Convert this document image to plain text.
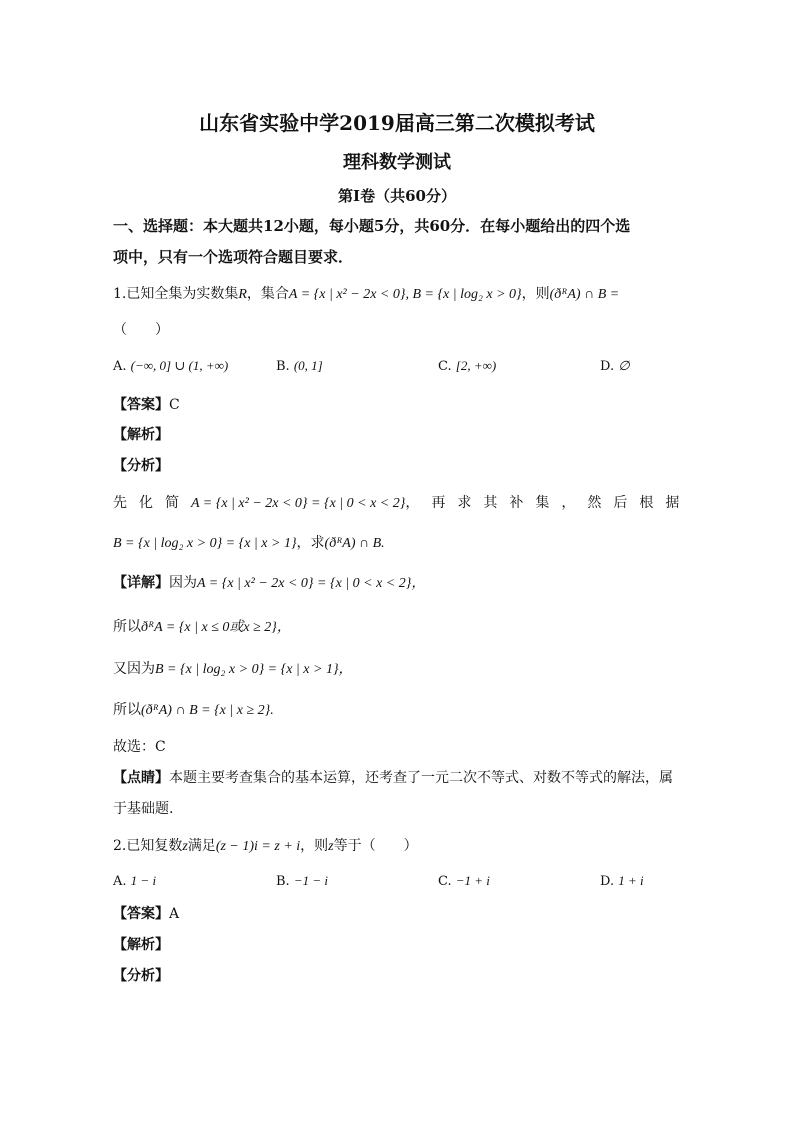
山东省实验中学2019届高三第二次模拟考试
理科数学测试
第Ⅰ卷（共60分）
一、选择题：本大题共12小题，每小题5分，共60分．在每小题给出的四个选
项中，只有一个选项符合题目要求．
1.已知全集为实数集R，集合A = {x | x² − 2x < 0}, B = {x | log₂ x > 0}，则(ðᴿA) ∩ B =
（　　）
A. (−∞, 0] ∪ (1, +∞)	B. (0, 1]	C. [2, +∞)	D. ∅
【答案】C
【解析】
【分析】
先化简A = {x | x² − 2x < 0} = {x | 0 < x < 2}，再求其补集，然后根据
B = {x | log₂ x > 0} = {x | x > 1}，求(ðᴿA) ∩ B.
【详解】因为A = {x | x² − 2x < 0} = {x | 0 < x < 2}，
所以ðᴿA = {x | x ≤ 0或x ≥ 2}，
又因为B = {x | log₂ x > 0} = {x | x > 1}，
所以(ðᴿA) ∩ B = {x | x ≥ 2}.
故选：C
【点睛】本题主要考查集合的基本运算，还考查了一元二次不等式、对数不等式的解法，属
于基础题.
2.已知复数z满足(z − 1)i = z + i，则z等于（　　）
A. 1 − i	B. −1 − i	C. −1 + i	D. 1 + i
【答案】A
【解析】
【分析】
